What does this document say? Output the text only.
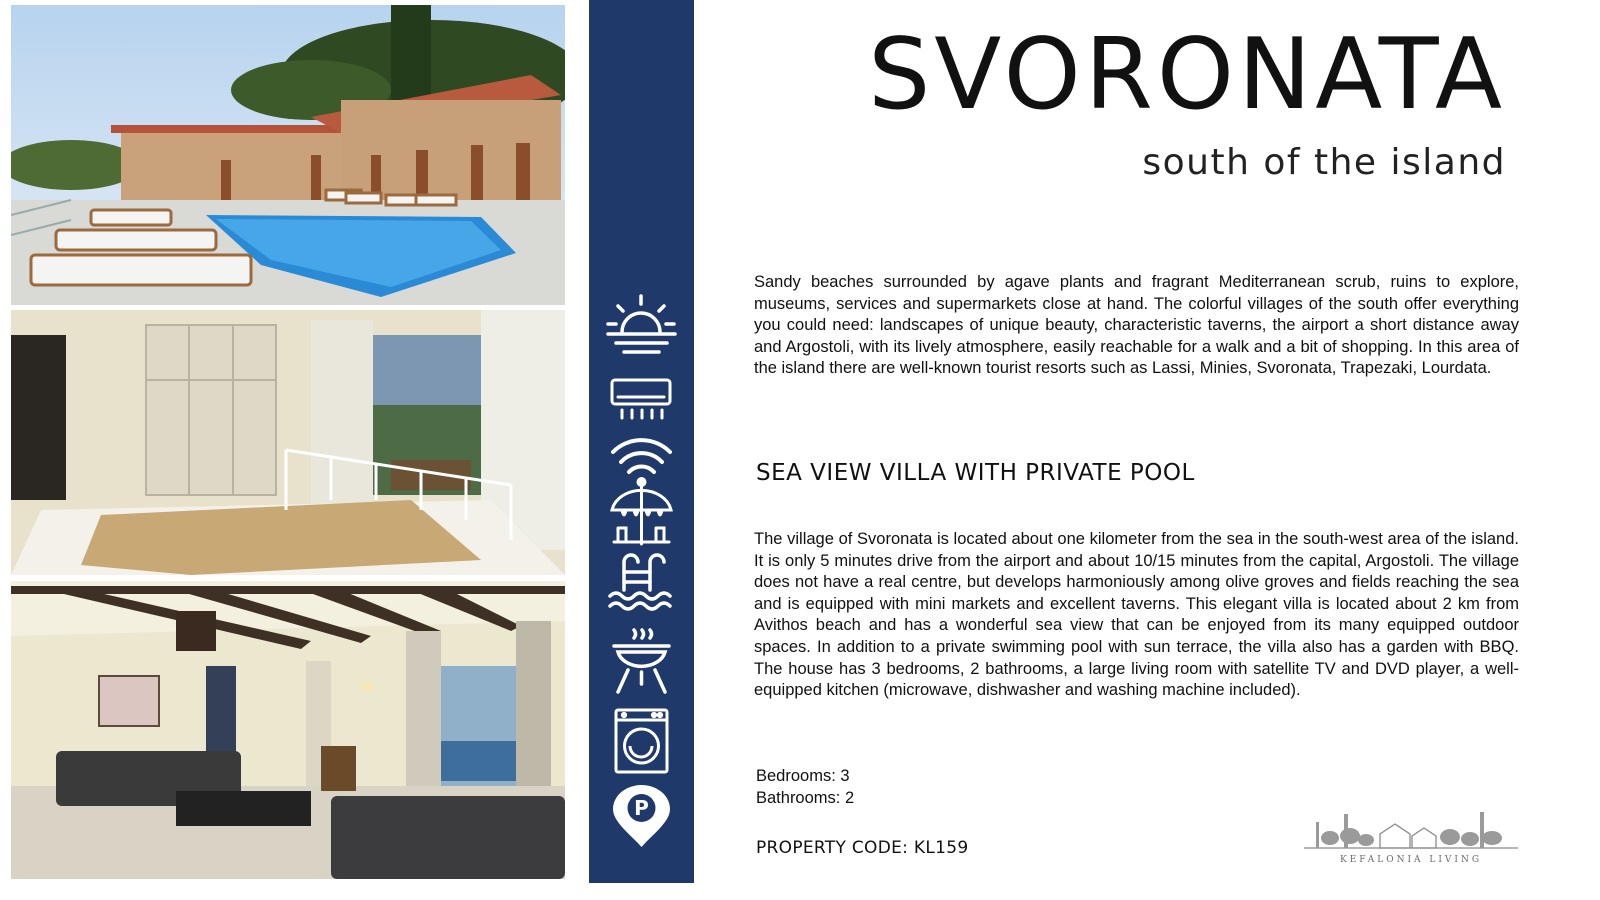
P
SVORONATA
south of the island

Sandy beaches surrounded by agave plants and fragrant Mediterranean scrub, ruins to explore, museums, services and supermarkets close at hand. The colorful villages of the south offer everything you could need: landscapes of unique beauty, characteristic tavern​s, the airport a short distance away and Argostoli, with its lively atmosphere, easily reachable for a walk and a bit of shopping. In this area of the island there are well-known tourist resorts such as Lassi, Minies, Svoronata, Trapezaki, Lourdata.

SEA VIEW VILLA WITH PRIVATE POOL

The village of Svoronata is located about one kilometer from the sea in the south-west area of the island. It is only 5 minutes drive from the airport and about 10/15 minutes from the capital, Argostoli. The village does not have a real centre, but develops harmoniously among olive groves and fields reaching the sea and is equipped with mini markets and excellent taverns. This elegant villa is located about 2 km from Avithos beach and has a wonderful sea view that can be enjoyed from its many equipped outdoor spaces. In addition to a private swimming pool with sun terrace, the villa also has a garden with BBQ. The house has 3 bedrooms, 2 bathrooms, a large living room with satellite TV and DVD player, a well-equipped kitchen (microwave, dishwasher and washing machine included).

Bedrooms: 3
Bathrooms: 2
PROPERTY CODE: KL159
KEFALONIA LIVING
